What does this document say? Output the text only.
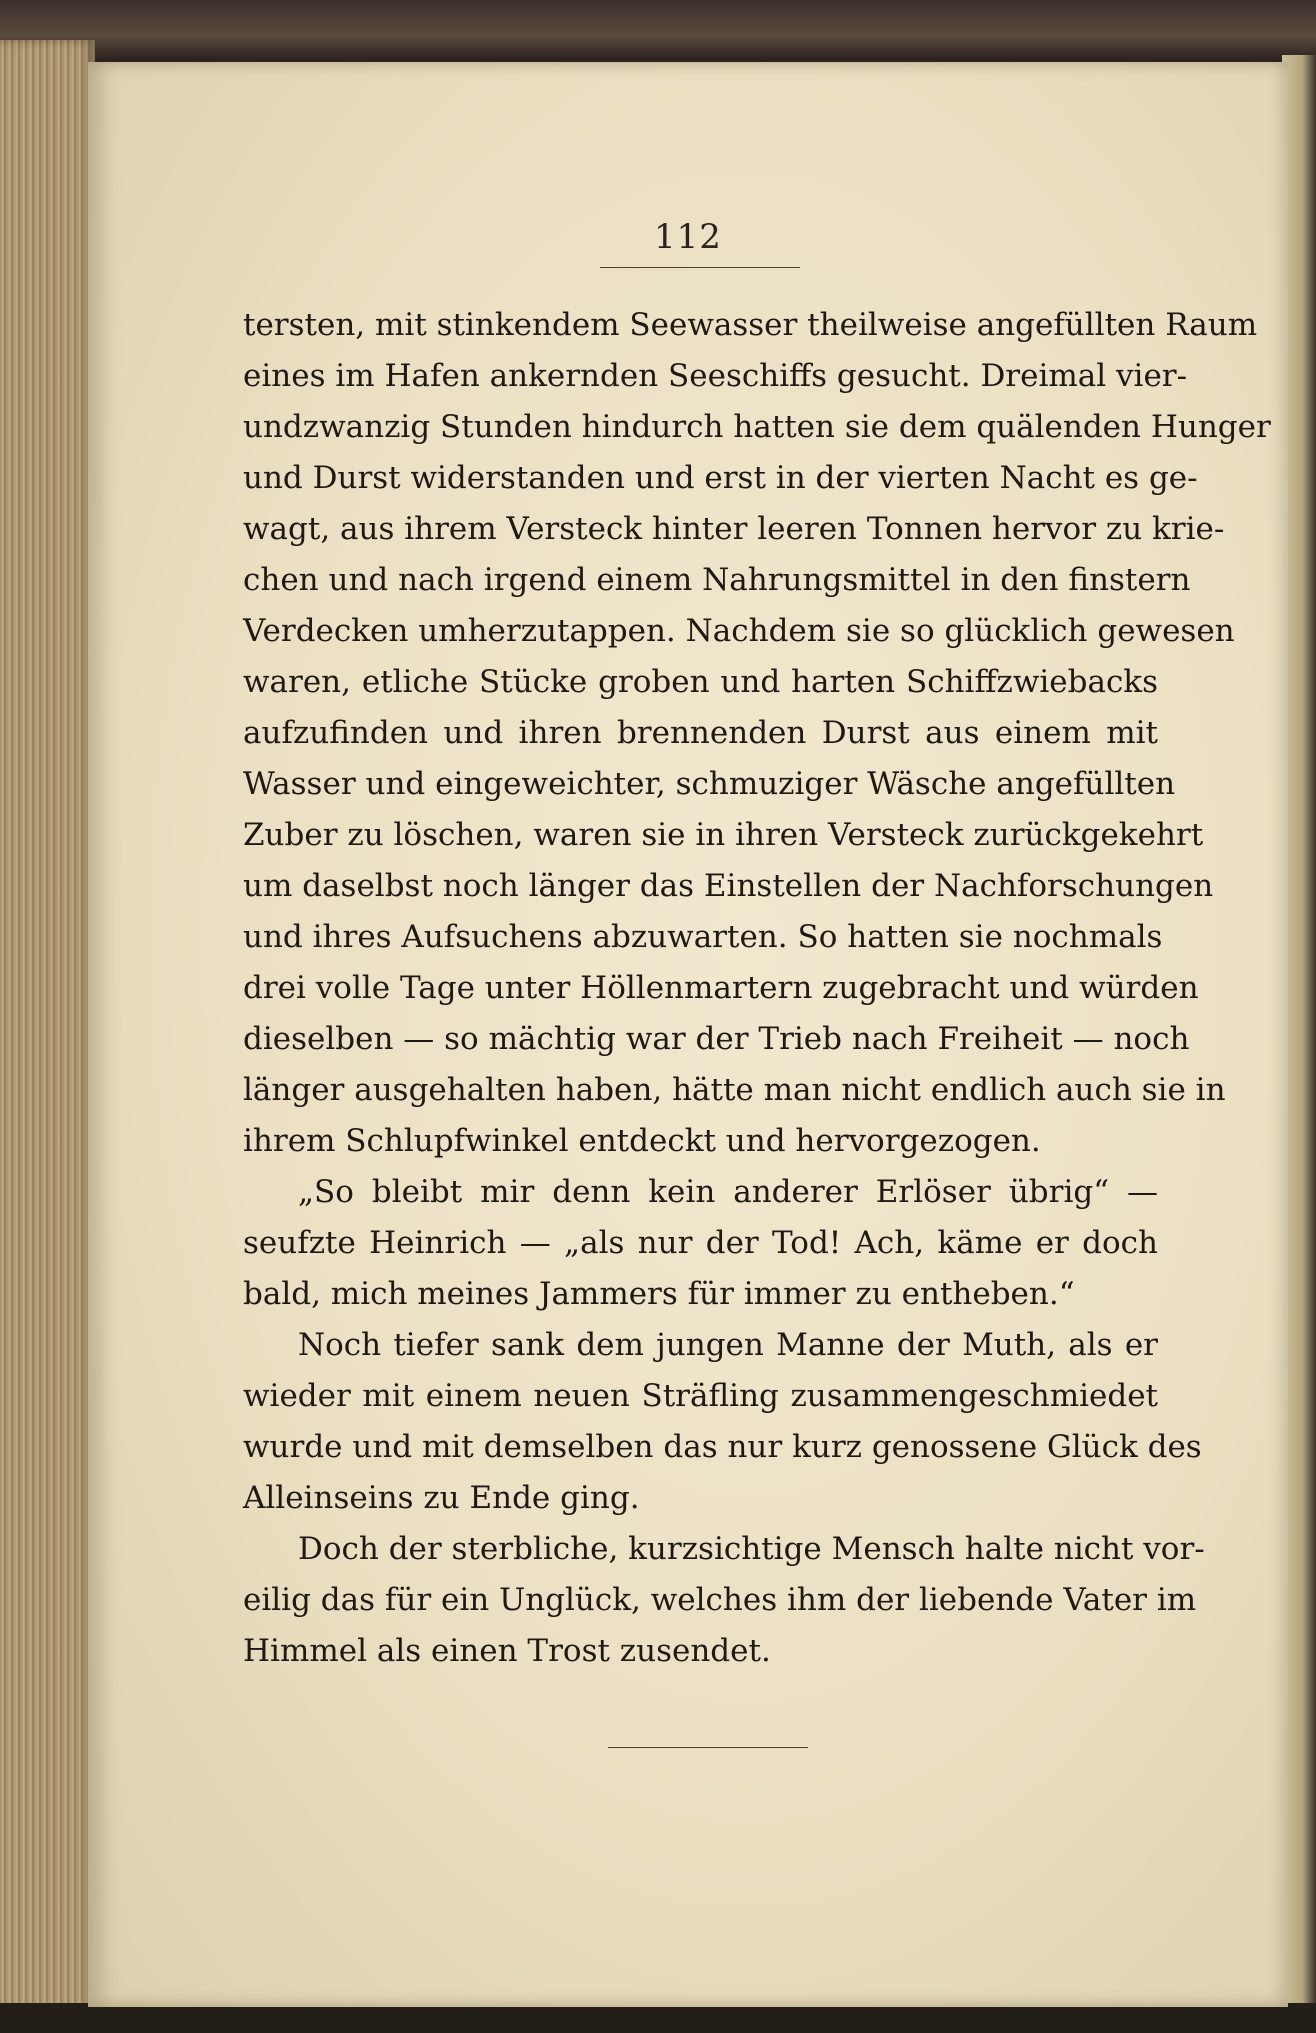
112
tersten, mit stinkendem Seewasser theilweise angefüllten Raum
eines im Hafen ankernden Seeschiffs gesucht. Dreimal vier-
undzwanzig Stunden hindurch hatten sie dem quälenden Hunger
und Durst widerstanden und erst in der vierten Nacht es ge-
wagt, aus ihrem Versteck hinter leeren Tonnen hervor zu krie-
chen und nach irgend einem Nahrungsmittel in den finstern
Verdecken umherzutappen. Nachdem sie so glücklich gewesen
waren, etliche Stücke groben und harten Schiffzwiebacks
aufzufinden und ihren brennenden Durst aus einem mit
Wasser und eingeweichter, schmuziger Wäsche angefüllten
Zuber zu löschen, waren sie in ihren Versteck zurückgekehrt
um daselbst noch länger das Einstellen der Nachforschungen
und ihres Aufsuchens abzuwarten. So hatten sie nochmals
drei volle Tage unter Höllenmartern zugebracht und würden
dieselben — so mächtig war der Trieb nach Freiheit — noch
länger ausgehalten haben, hätte man nicht endlich auch sie in
ihrem Schlupfwinkel entdeckt und hervorgezogen.
„So bleibt mir denn kein anderer Erlöser übrig“ —
seufzte Heinrich — „als nur der Tod! Ach, käme er doch
bald, mich meines Jammers für immer zu entheben.“
Noch tiefer sank dem jungen Manne der Muth, als er
wieder mit einem neuen Sträfling zusammengeschmiedet
wurde und mit demselben das nur kurz genossene Glück des
Alleinseins zu Ende ging.
Doch der sterbliche, kurzsichtige Mensch halte nicht vor-
eilig das für ein Unglück, welches ihm der liebende Vater im
Himmel als einen Trost zusendet.
